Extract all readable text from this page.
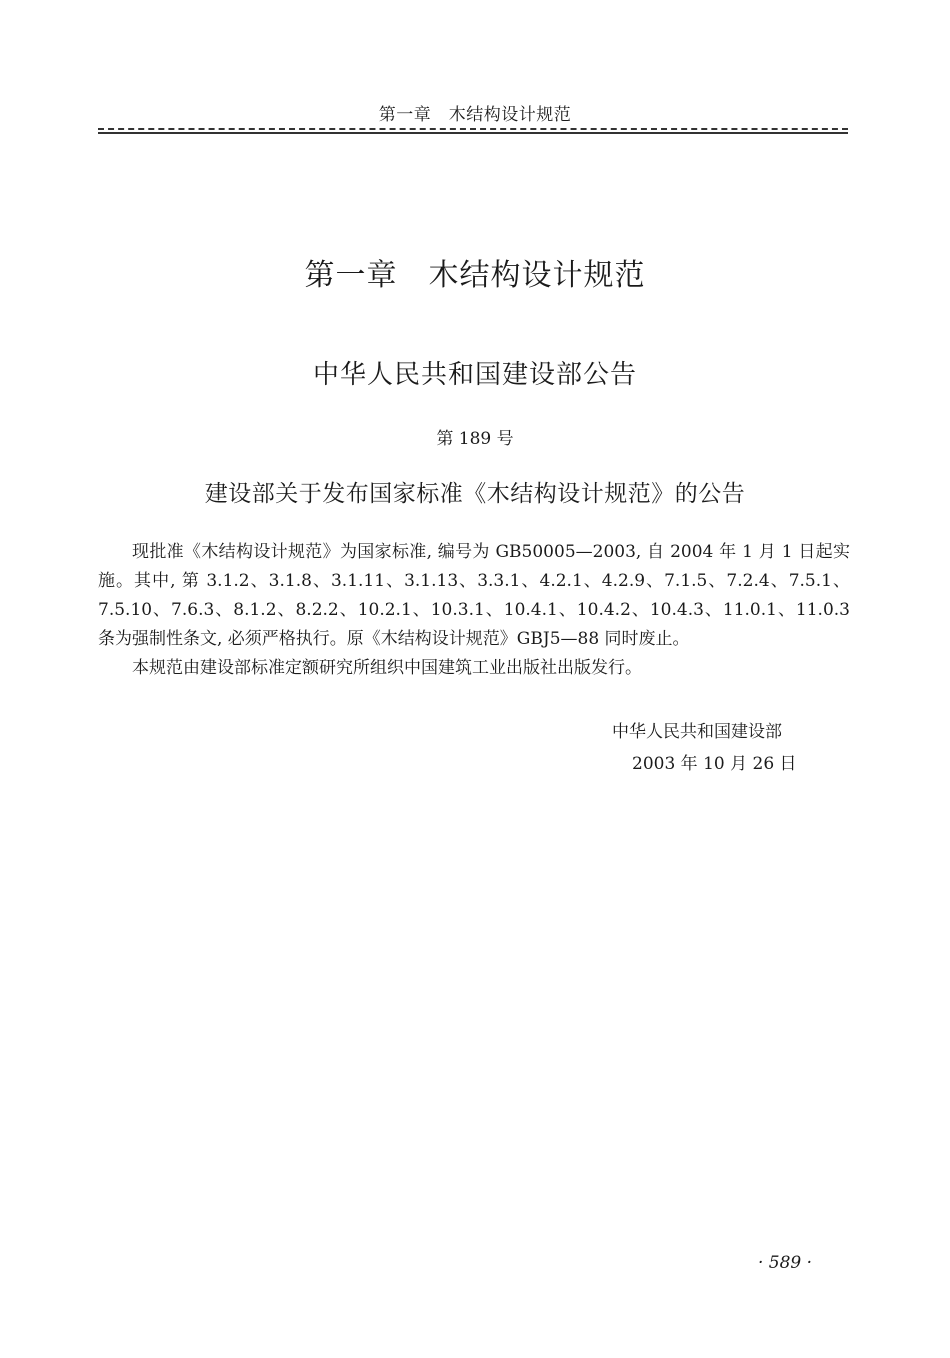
第一章　木结构设计规范
第一章　木结构设计规范
中华人民共和国建设部公告
第 189 号
建设部关于发布国家标准《木结构设计规范》的公告

现批准《木结构设计规范》为国家标准, 编号为 GB50005—2003, 自 2004 年 1 月 1 日起实施。其中, 第 3.1.2、3.1.8、3.1.11、3.1.13、3.3.1、4.2.1、4.2.9、7.1.5、7.2.4、7.5.1、7.5.10、7.6.3、8.1.2、8.2.2、10.2.1、10.3.1、10.4.1、10.4.2、10.4.3、11.0.1、11.0.3 条为强制性条文, 必须严格执行。原《木结构设计规范》GBJ5—88 同时废止。

本规范由建设部标准定额研究所组织中国建筑工业出版社出版发行。

中华人民共和国建设部
2003 年 10 月 26 日
· 589 ·
